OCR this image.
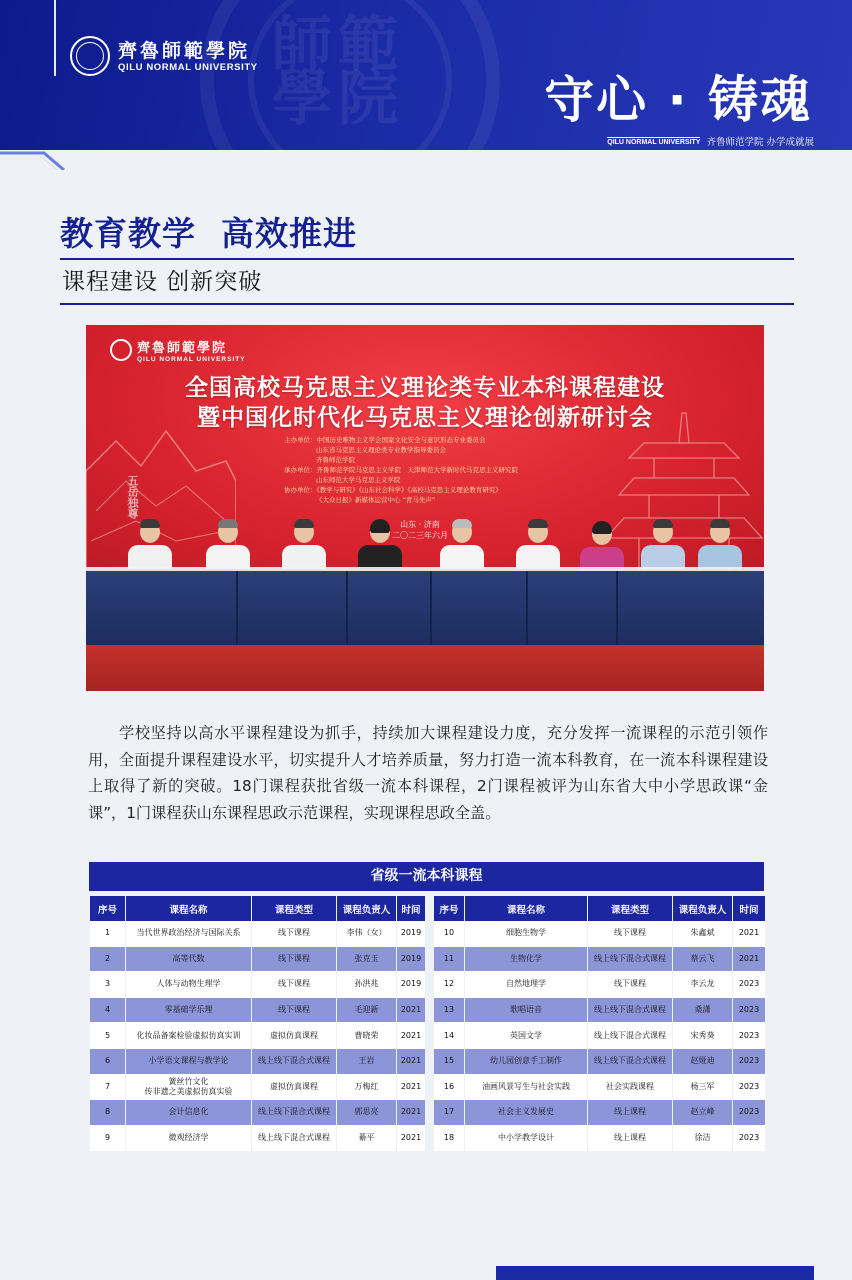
師範
學院
齊魯師範學院
QILU NORMAL UNIVERSITY
守心 · 铸魂
QILU NORMAL UNIVERSITY 齐鲁师范学院 办学成就展
教育教学  高效推进
课程建设 创新突破
五岳独尊
齊魯師範學院
QILU NORMAL UNIVERSITY
全国高校马克思主义理论类专业本科课程建设
暨中国化时代化马克思主义理论创新研讨会
主办单位：中国历史唯物主义学会国家文化安全与意识形态专业委员会
山东省马克思主义理论类专业教学指导委员会
齐鲁师范学院
承办单位：齐鲁师范学院马克思主义学院　天津师范大学新时代马克思主义研究院
山东师范大学马克思主义学院
协办单位：《教学与研究》《山东社会科学》《高校马克思主义理论教育研究》
《大众日报》新媒体运营中心 “青马先声”
山东 · 济南
二〇二三年六月
学校坚持以高水平课程建设为抓手，持续加大课程建设力度，充分发挥一流课程的示范引领作用，全面提升课程建设水平，切实提升人才培养质量，努力打造一流本科教育，在一流本科课程建设上取得了新的突破。18门课程获批省级一流本科课程，2门课程被评为山东省大中小学思政课“金课”，1门课程获山东课程思政示范课程，实现课程思政全盖。
省级一流本科课程
序号	课程名称	课程类型	课程负责人	时间
1	当代世界政治经济与国际关系	线下课程	李伟（女）	2019
2	高等代数	线下课程	张克玉	2019
3	人体与动物生理学	线下课程	孙洪兆	2019
4	零基础学乐理	线下课程	毛迎新	2021
5	化妆品备案检验虚拟仿真实训	虚拟仿真课程	曹晓荣	2021
6	小学语文课程与教学论	线上线下混合式课程	王岩	2021
7	簧丝竹文化
传非遗之美虚拟仿真实验	虚拟仿真课程	万梅红	2021
8	会计信息化	线上线下混合式课程	郭思亮	2021
9	微观经济学	线上线下混合式课程	綦平	2021
序号	课程名称	课程类型	课程负责人	时间
10	细胞生物学	线下课程	朱鑫斌	2021
11	生物化学	线上线下混合式课程	蔡云飞	2021
12	自然地理学	线下课程	李云龙	2023
13	歌唱语音	线上线下混合式课程	桑潇	2023
14	英国文学	线上线下混合式课程	宋秀葵	2023
15	幼儿园创意手工制作	线上线下混合式课程	赵娅迪	2023
16	油画风景写生与社会实践	社会实践课程	杨三军	2023
17	社会主义发展史	线上课程	赵立峰	2023
18	中小学教学设计	线上课程	徐洁	2023
